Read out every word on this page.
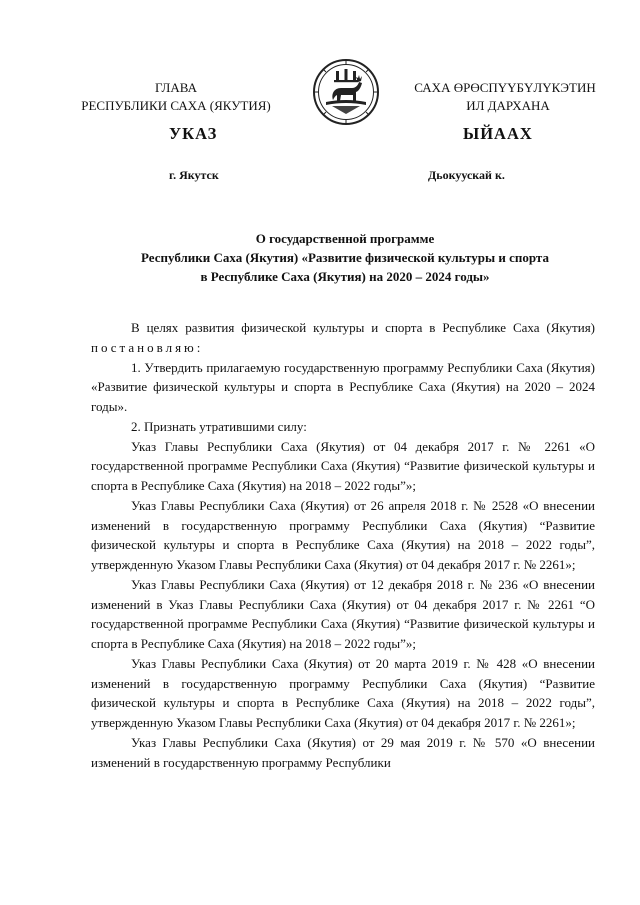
ГЛАВА
РЕСПУБЛИКИ САХА (ЯКУТИЯ)
САХА ӨРӨСПҮҮБҮЛҮКЭТИН
ИЛ ДАРХАНА
УКАЗ	ЫЙААХ
г. Якутск	Дьокуускай к.
О государственной программе
Республики Саха (Якутия) «Развитие физической культуры и спорта
в Республике Саха (Якутия) на 2020 – 2024 годы»

В целях развития физической культуры и спорта в Республике Саха (Якутия) постановляю:

1. Утвердить прилагаемую государственную программу Республики Саха (Якутия) «Развитие физической культуры и спорта в Республике Саха (Якутия) на 2020 – 2024 годы».

2. Признать утратившими силу:

Указ Главы Республики Саха (Якутия) от 04 декабря 2017 г. № 2261 «О государственной программе Республики Саха (Якутия) “Развитие физической культуры и спорта в Республике Саха (Якутия) на 2018 – 2022 годы”»;

Указ Главы Республики Саха (Якутия) от 26 апреля 2018 г. № 2528 «О внесении изменений в государственную программу Республики Саха (Якутия) “Развитие физической культуры и спорта в Республике Саха (Якутия) на 2018 – 2022 годы”, утвержденную Указом Главы Республики Саха (Якутия) от 04 декабря 2017 г. № 2261»;

Указ Главы Республики Саха (Якутия) от 12 декабря 2018 г. № 236 «О внесении изменений в Указ Главы Республики Саха (Якутия) от 04 декабря 2017 г. № 2261 “О государственной программе Республики Саха (Якутия) “Развитие физической культуры и спорта в Республике Саха (Якутия) на 2018 – 2022 годы”»;

Указ Главы Республики Саха (Якутия) от 20 марта 2019 г. № 428 «О внесении изменений в государственную программу Республики Саха (Якутия) “Развитие физической культуры и спорта в Республике Саха (Якутия) на 2018 – 2022 годы”, утвержденную Указом Главы Республики Саха (Якутия) от 04 декабря 2017 г. № 2261»;

Указ Главы Республики Саха (Якутия) от 29 мая 2019 г. № 570 «О внесении изменений в государственную программу Республики
